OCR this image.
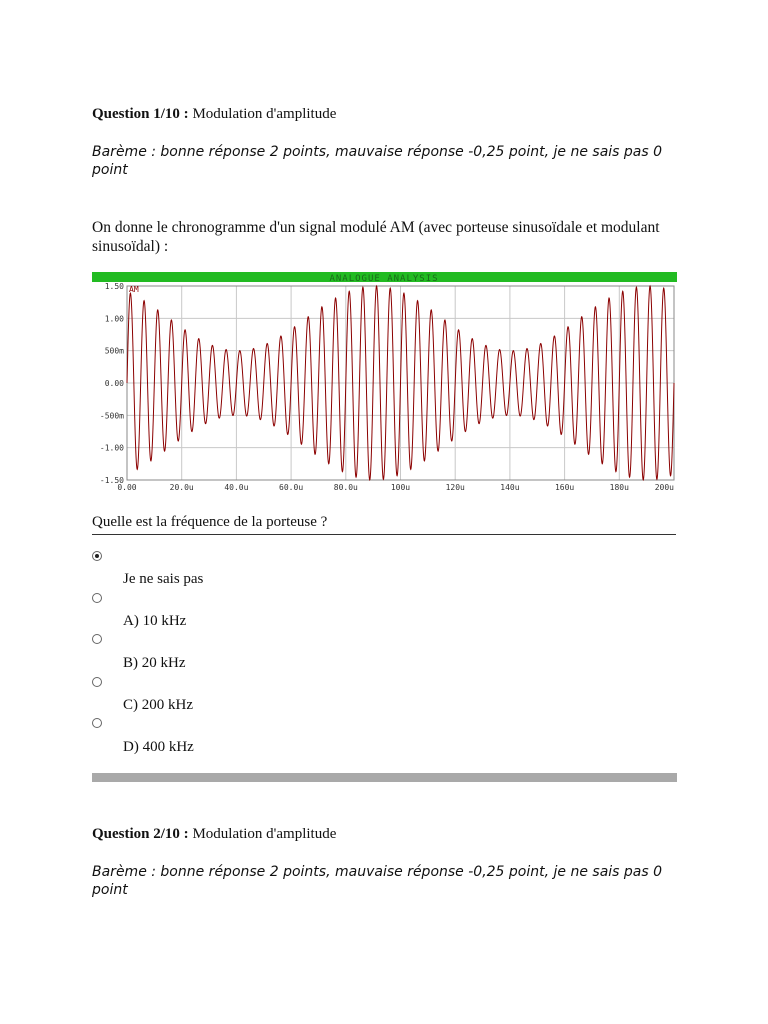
Question 1/10 : Modulation d'amplitude
Barème : bonne réponse 2 points, mauvaise réponse -0,25 point, je ne sais pas 0 point
On donne le chronogramme d'un signal modulé AM (avec porteuse sinusoïdale et modulant sinusoïdal) :
ANALOGUE ANALYSIS
AM
1.50
1.00
500m
0.00
-500m
-1.00
-1.50
0.00	20.0u	40.0u	60.0u	80.0u	100u	120u	140u	160u	180u	200u
Quelle est la fréquence de la porteuse ?
Je ne sais pas
A) 10 kHz
B) 20 kHz
C) 200 kHz
D) 400 kHz
Question 2/10 : Modulation d'amplitude
Barème : bonne réponse 2 points, mauvaise réponse -0,25 point, je ne sais pas 0 point
